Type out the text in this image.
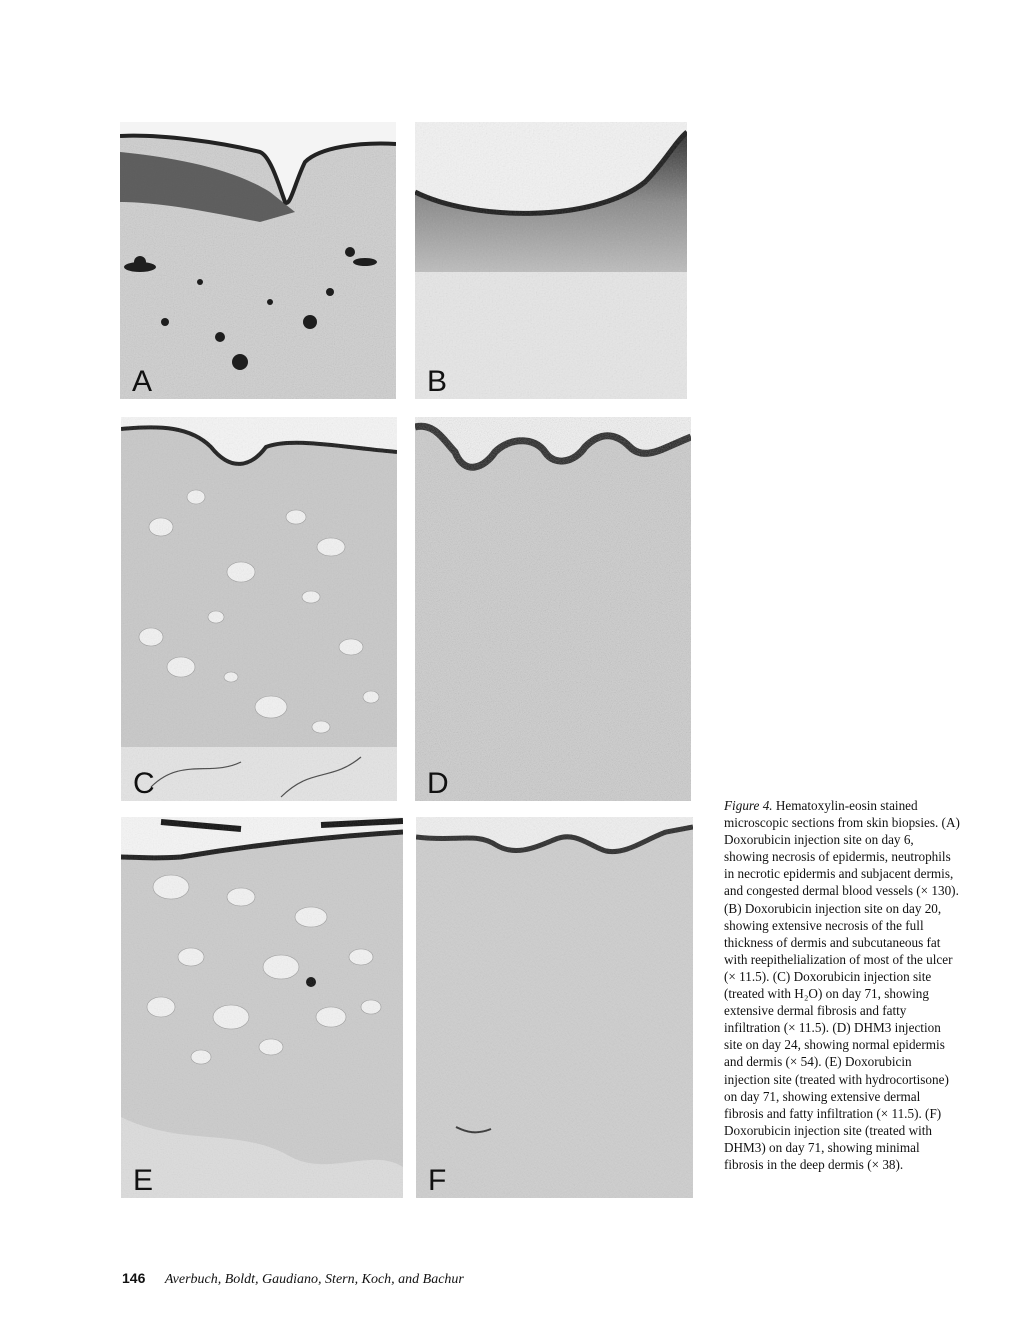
A	B
C	D
E	F
Figure 4. Hematoxylin-eosin stained microscopic sections from skin biopsies. (A) Doxorubicin injection site on day 6, showing necrosis of epidermis, neutrophils in necrotic epidermis and subjacent dermis, and congested dermal blood vessels (× 130). (B) Doxorubicin injection site on day 20, showing extensive necrosis of the full thickness of dermis and subcutaneous fat with reepithelialization of most of the ulcer (× 11.5). (C) Doxorubicin injection site (treated with H₂O) on day 71, showing extensive dermal fibrosis and fatty infiltration (× 11.5). (D) DHM3 injection site on day 24, showing normal epidermis and dermis (× 54). (E) Doxorubicin injection site (treated with hydrocortisone) on day 71, showing extensive dermal fibrosis and fatty infiltration (× 11.5). (F) Doxorubicin injection site (treated with DHM3) on day 71, showing minimal fibrosis in the deep dermis (× 38).
146 Averbuch, Boldt, Gaudiano, Stern, Koch, and Bachur
